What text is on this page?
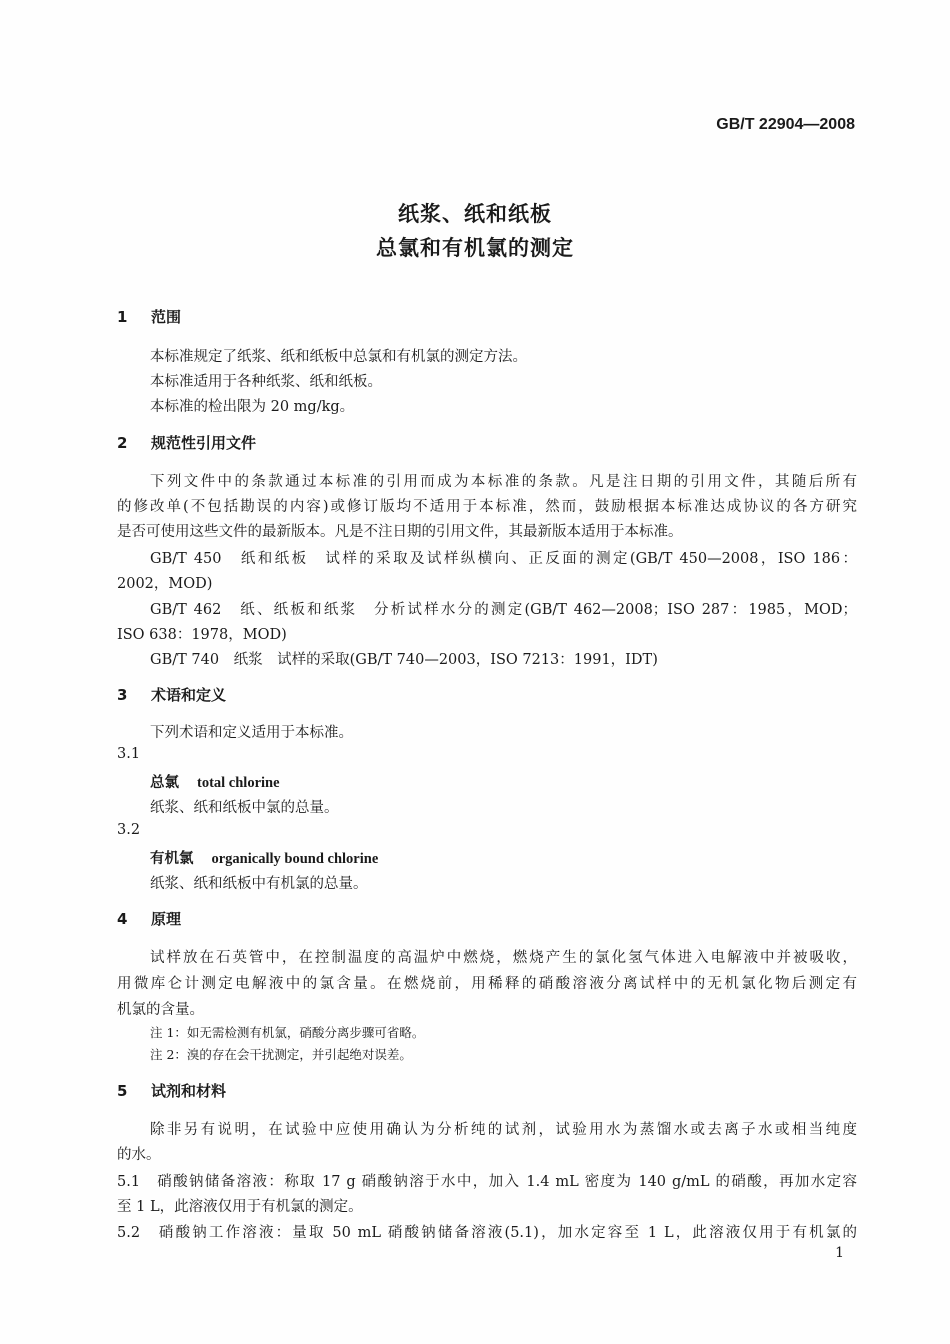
GB/T 22904—2008
纸浆、纸和纸板
总氯和有机氯的测定
1 范围
本标准规定了纸浆、纸和纸板中总氯和有机氯的测定方法。
本标准适用于各种纸浆、纸和纸板。
本标准的检出限为 20 mg/kg。
2 规范性引用文件
下列文件中的条款通过本标准的引用而成为本标准的条款。凡是注日期的引用文件，其随后所有
的修改单(不包括勘误的内容)或修订版均不适用于本标准，然而，鼓励根据本标准达成协议的各方研究
是否可使用这些文件的最新版本。凡是不注日期的引用文件，其最新版本适用于本标准。
GB/T 450　纸和纸板　试样的采取及试样纵横向、正反面的测定(GB/T 450—2008，ISO 186：
2002，MOD)
GB/T 462　纸、纸板和纸浆　分析试样水分的测定(GB/T 462—2008；ISO 287：1985，MOD；
ISO 638：1978，MOD)
GB/T 740　纸浆　试样的采取(GB/T 740—2003，ISO 7213：1991，IDT)
3 术语和定义
下列术语和定义适用于本标准。
3.1
总氯 total chlorine
纸浆、纸和纸板中氯的总量。
3.2
有机氯 organically bound chlorine
纸浆、纸和纸板中有机氯的总量。
4 原理
试样放在石英管中，在控制温度的高温炉中燃烧，燃烧产生的氯化氢气体进入电解液中并被吸收，
用微库仑计测定电解液中的氯含量。在燃烧前，用稀释的硝酸溶液分离试样中的无机氯化物后测定有
机氯的含量。
注 1：如无需检测有机氯，硝酸分离步骤可省略。
注 2：溴的存在会干扰测定，并引起绝对误差。
5 试剂和材料
除非另有说明，在试验中应使用确认为分析纯的试剂，试验用水为蒸馏水或去离子水或相当纯度
的水。
5.1　硝酸钠储备溶液：称取 17 g 硝酸钠溶于水中，加入 1.4 mL 密度为 140 g/mL 的硝酸，再加水定容
至 1 L，此溶液仅用于有机氯的测定。
5.2　硝酸钠工作溶液：量取 50 mL 硝酸钠储备溶液(5.1)，加水定容至 1 L，此溶液仅用于有机氯的
1
